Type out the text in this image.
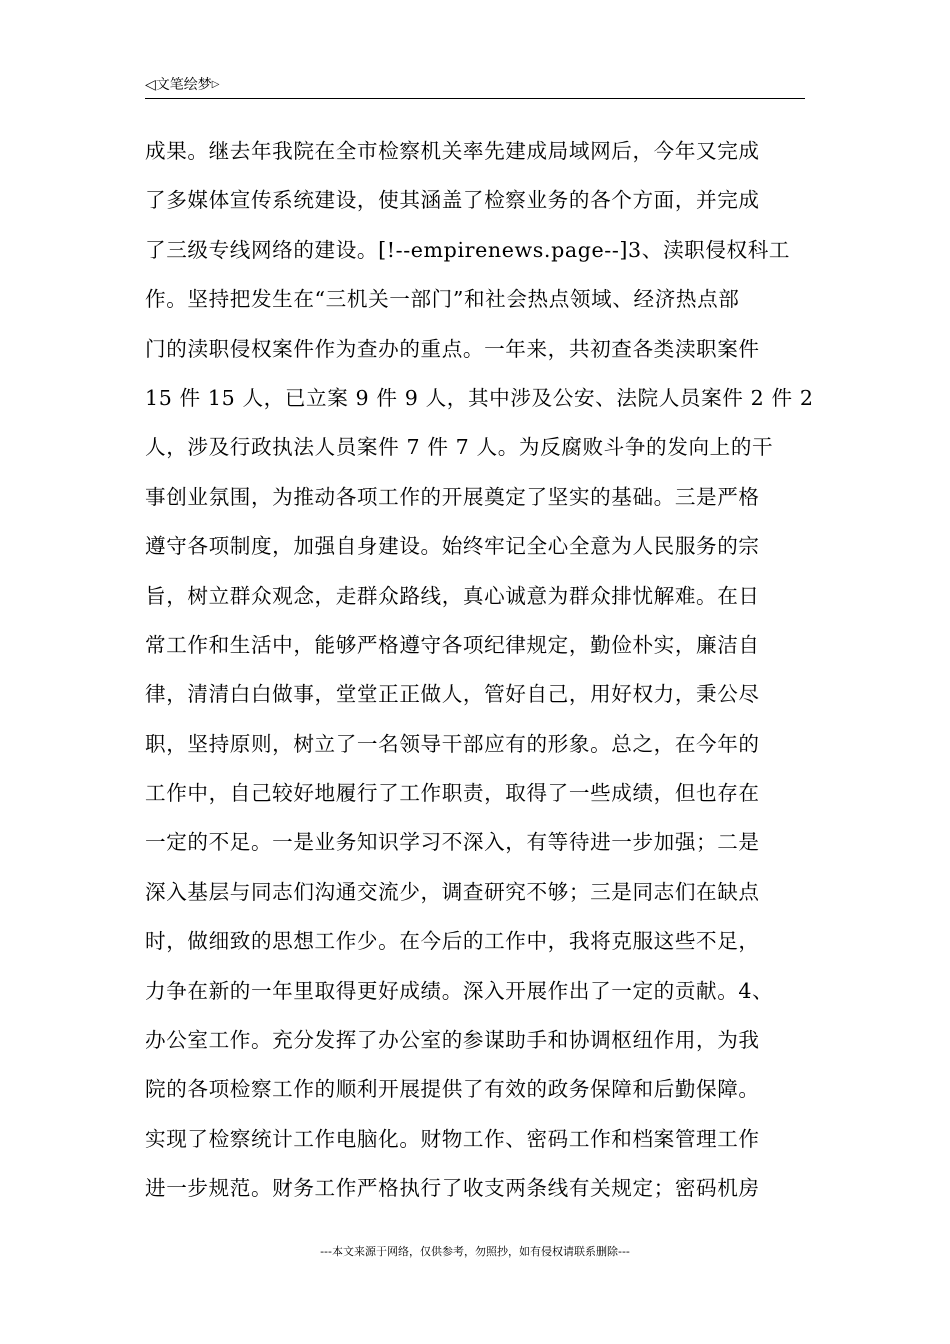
◁文笔绘梦▷
成果。继去年我院在全市检察机关率先建成局域网后，今年又完成
了多媒体宣传系统建设，使其涵盖了检察业务的各个方面，并完成
了三级专线网络的建设。[!--empirenews.page--]3、渎职侵权科工
作。坚持把发生在“三机关一部门”和社会热点领域、经济热点部
门的渎职侵权案件作为查办的重点。一年来，共初查各类渎职案件
15 件 15 人，已立案 9 件 9 人，其中涉及公安、法院人员案件 2 件 2
人，涉及行政执法人员案件 7 件 7 人。为反腐败斗争的发向上的干
事创业氛围，为推动各项工作的开展奠定了坚实的基础。三是严格
遵守各项制度，加强自身建设。始终牢记全心全意为人民服务的宗
旨，树立群众观念，走群众路线，真心诚意为群众排忧解难。在日
常工作和生活中，能够严格遵守各项纪律规定，勤俭朴实，廉洁自
律，清清白白做事，堂堂正正做人，管好自己，用好权力，秉公尽
职，坚持原则，树立了一名领导干部应有的形象。总之，在今年的
工作中，自己较好地履行了工作职责，取得了一些成绩，但也存在
一定的不足。一是业务知识学习不深入，有等待进一步加强；二是
深入基层与同志们沟通交流少，调查研究不够；三是同志们在缺点
时，做细致的思想工作少。在今后的工作中，我将克服这些不足，
力争在新的一年里取得更好成绩。深入开展作出了一定的贡献。4、
办公室工作。充分发挥了办公室的参谋助手和协调枢纽作用，为我
院的各项检察工作的顺利开展提供了有效的政务保障和后勤保障。
实现了检察统计工作电脑化。财物工作、密码工作和档案管理工作
进一步规范。财务工作严格执行了收支两条线有关规定；密码机房
---本文来源于网络，仅供参考，勿照抄，如有侵权请联系删除---
